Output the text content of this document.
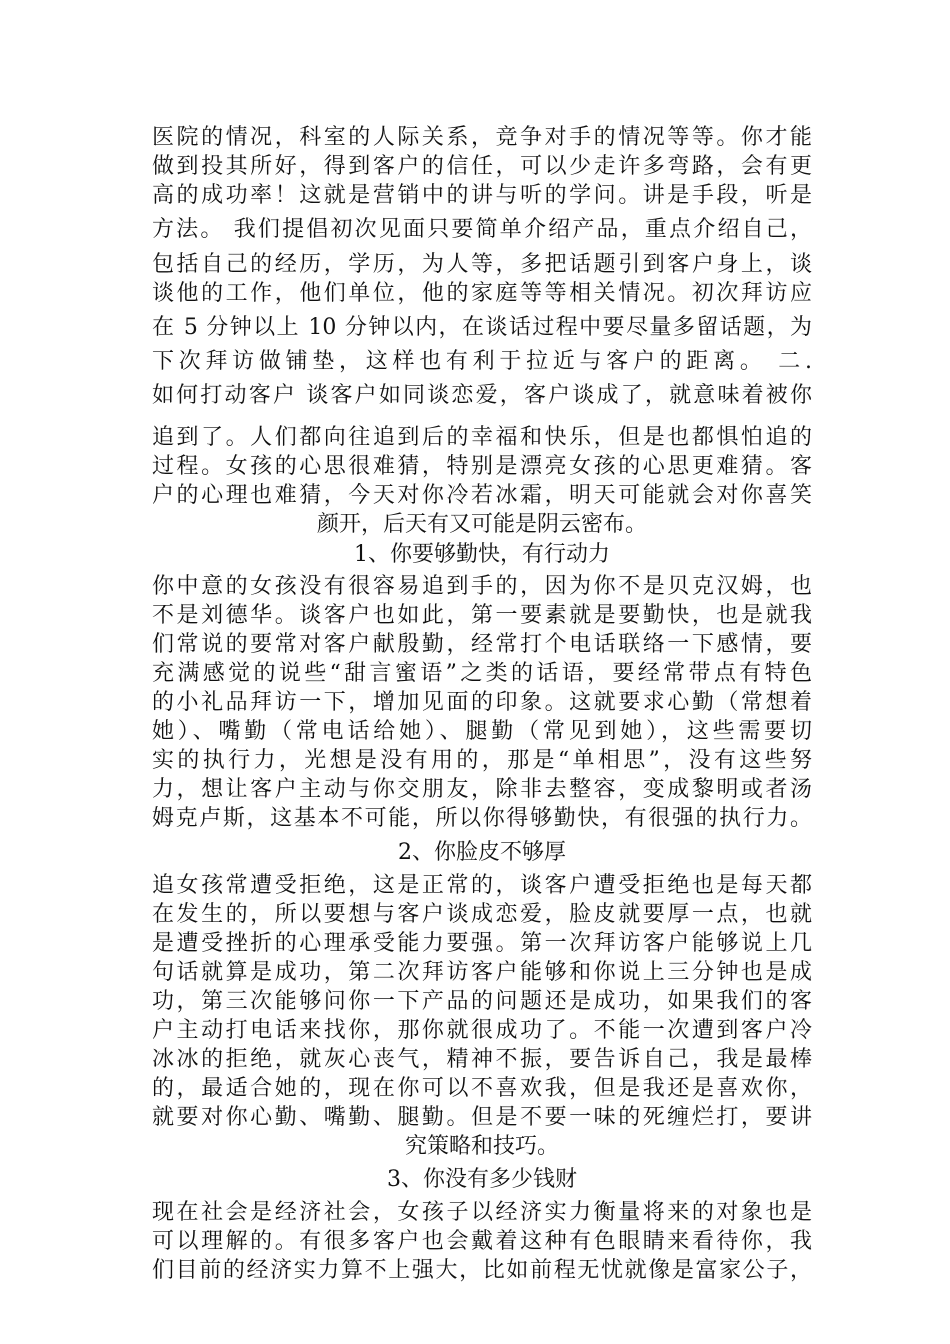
医院的情况，科室的人际关系，竞争对手的情况等等。你才能
做到投其所好，得到客户的信任，可以少走许多弯路，会有更
高的成功率！这就是营销中的讲与听的学问。讲是手段，听是
方法。 我们提倡初次见面只要简单介绍产品，重点介绍自己，
包括自己的经历，学历，为人等，多把话题引到客户身上，谈
谈他的工作，他们单位，他的家庭等等相关情况。初次拜访应
在 5 分钟以上 10 分钟以内，在谈话过程中要尽量多留话题，为
下次拜访做铺垫，这样也有利于拉近与客户的距离。 二.
如何打动客户 谈客户如同谈恋爱，客户谈成了，就意味着被你
追到了。人们都向往追到后的幸福和快乐，但是也都惧怕追的
过程。女孩的心思很难猜，特别是漂亮女孩的心思更难猜。客
户的心理也难猜，今天对你冷若冰霜，明天可能就会对你喜笑
颜开，后天有又可能是阴云密布。
1、你要够勤快，有行动力
你中意的女孩没有很容易追到手的，因为你不是贝克汉姆，也
不是刘德华。谈客户也如此，第一要素就是要勤快，也是就我
们常说的要常对客户献殷勤，经常打个电话联络一下感情，要
充满感觉的说些“甜言蜜语”之类的话语，要经常带点有特色
的小礼品拜访一下，增加见面的印象。这就要求心勤（常想着
她）、嘴勤（常电话给她）、腿勤（常见到她），这些需要切
实的执行力，光想是没有用的，那是“单相思”，没有这些努
力，想让客户主动与你交朋友，除非去整容，变成黎明或者汤
姆克卢斯，这基本不可能，所以你得够勤快，有很强的执行力。
2、你脸皮不够厚
追女孩常遭受拒绝，这是正常的，谈客户遭受拒绝也是每天都
在发生的，所以要想与客户谈成恋爱，脸皮就要厚一点，也就
是遭受挫折的心理承受能力要强。第一次拜访客户能够说上几
句话就算是成功，第二次拜访客户能够和你说上三分钟也是成
功，第三次能够问你一下产品的问题还是成功，如果我们的客
户主动打电话来找你，那你就很成功了。不能一次遭到客户冷
冰冰的拒绝，就灰心丧气，精神不振，要告诉自己，我是最棒
的，最适合她的，现在你可以不喜欢我，但是我还是喜欢你，
就要对你心勤、嘴勤、腿勤。但是不要一味的死缠烂打，要讲
究策略和技巧。
3、你没有多少钱财
现在社会是经济社会，女孩子以经济实力衡量将来的对象也是
可以理解的。有很多客户也会戴着这种有色眼睛来看待你，我
们目前的经济实力算不上强大，比如前程无忧就像是富家公子，
